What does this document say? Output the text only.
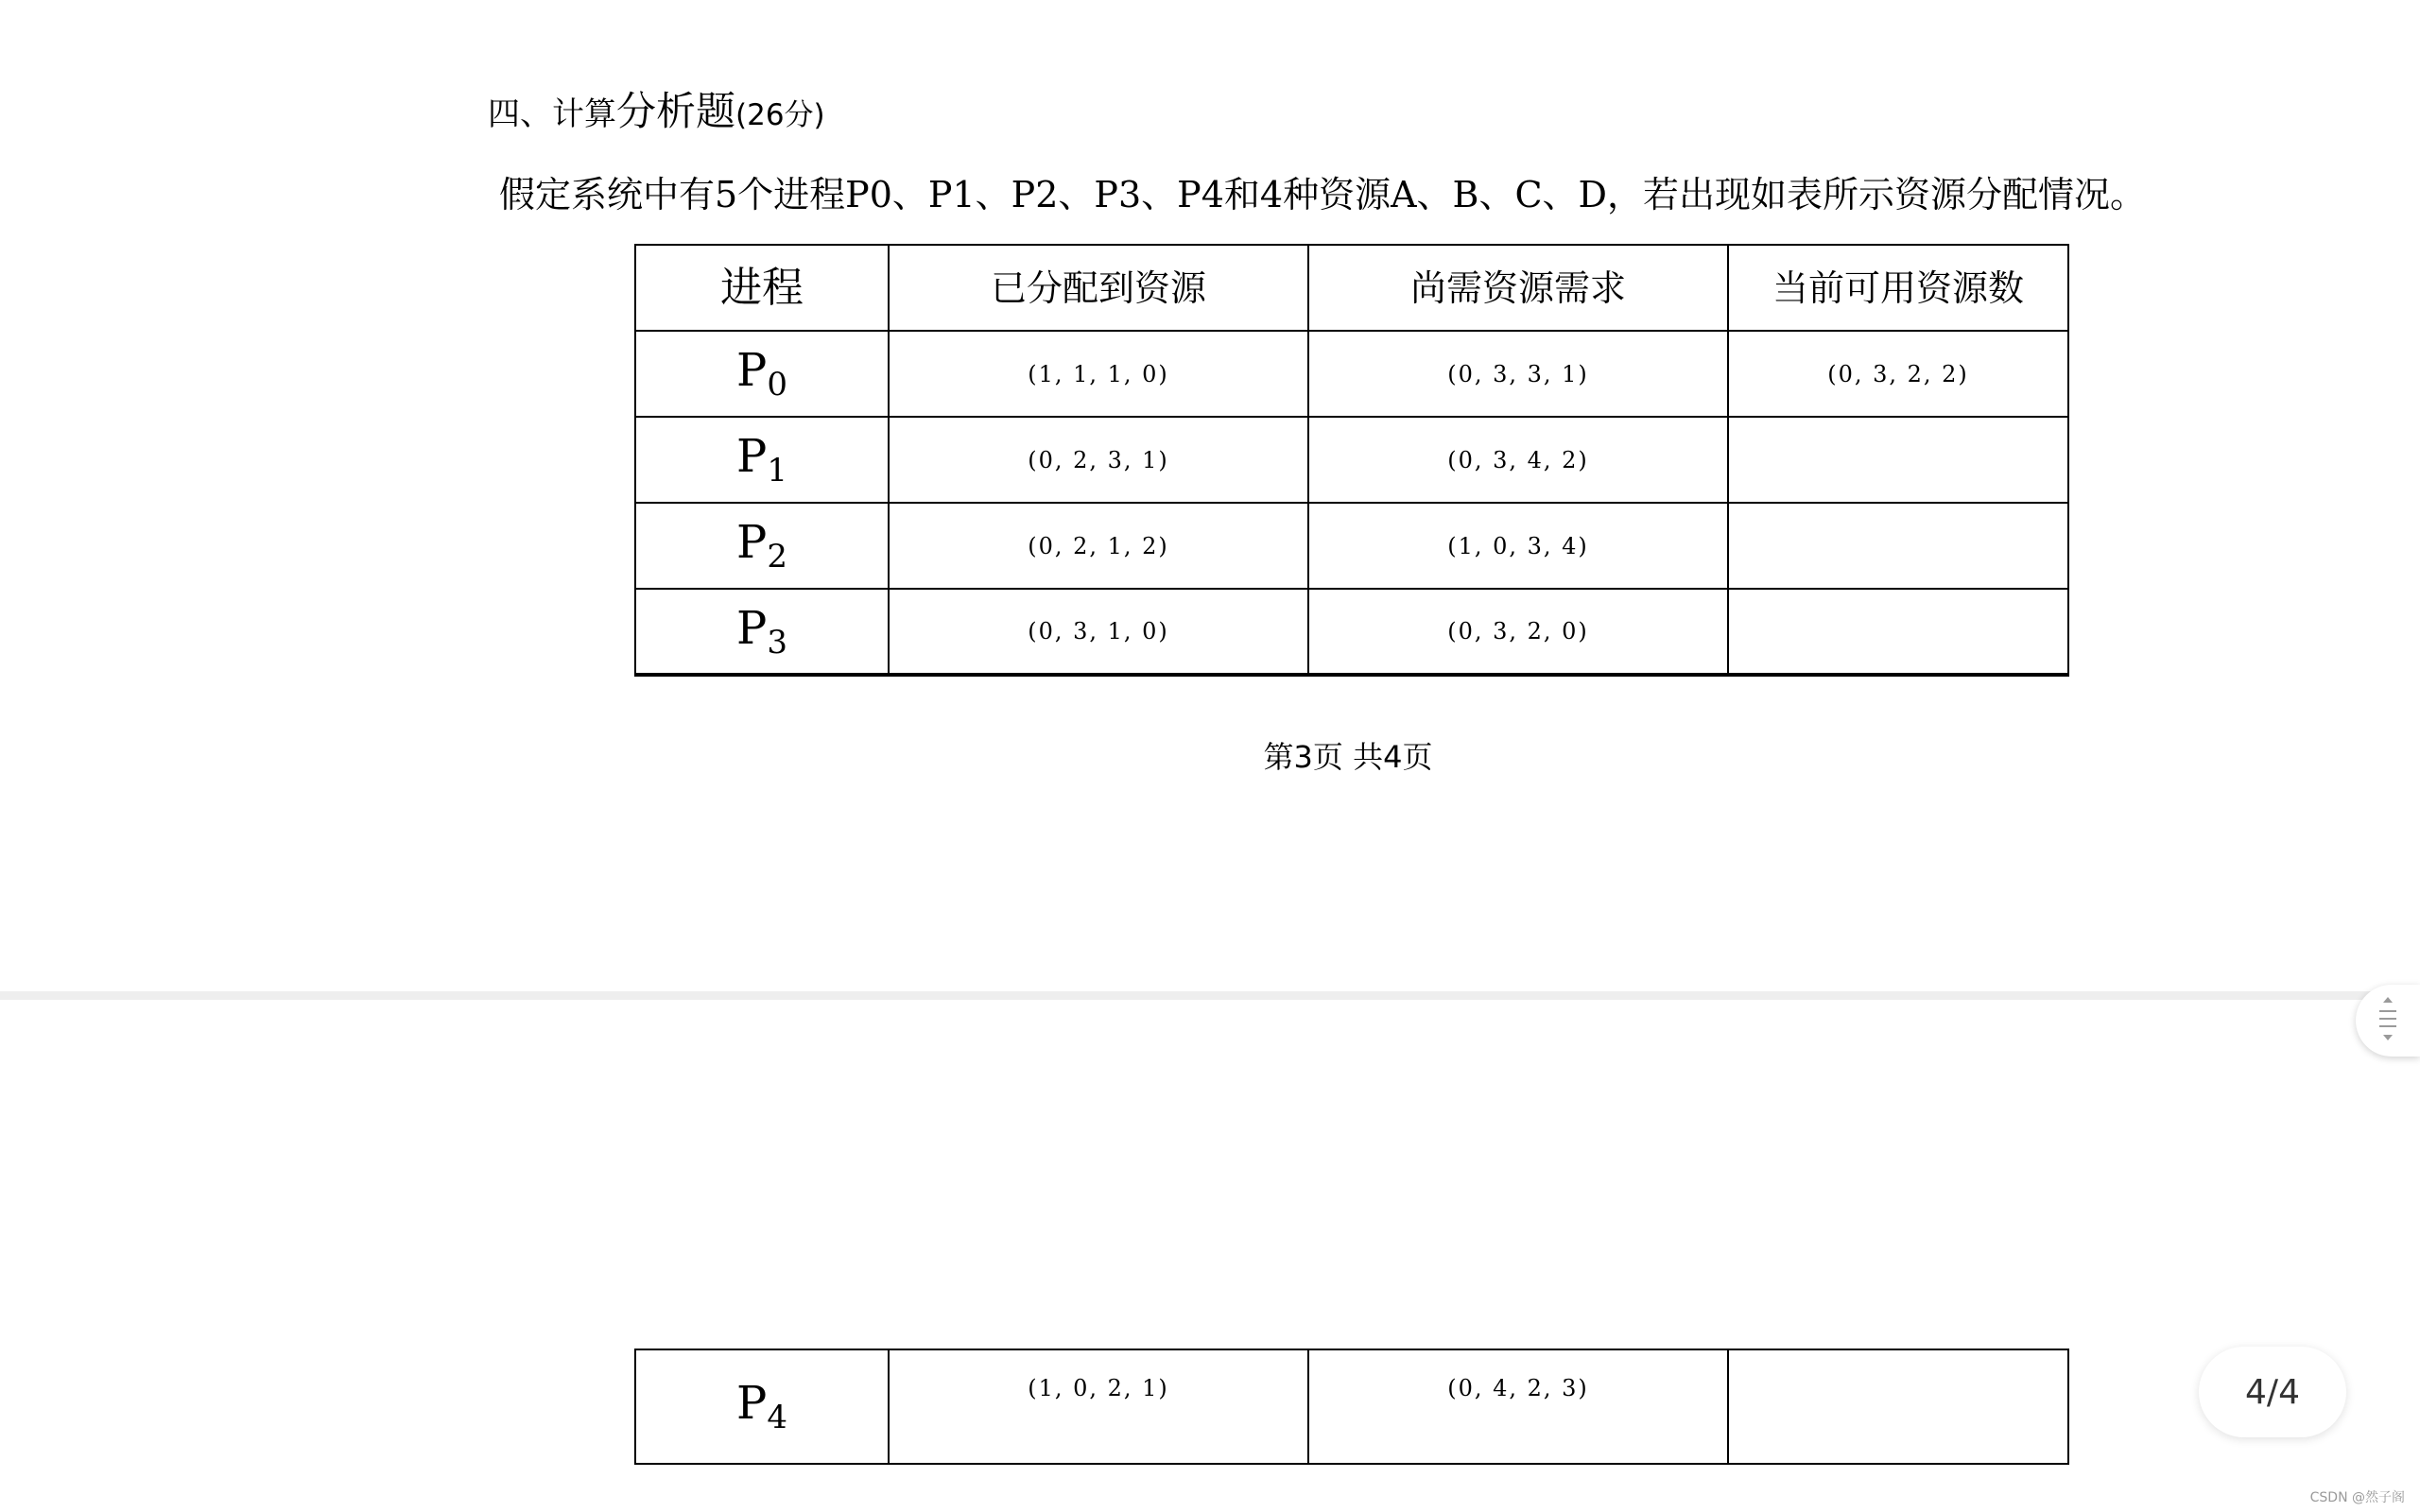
四、计算分析题(26分)
假定系统中有5个进程P0、P1、P2、P3、P4和4种资源A、B、C、D，若出现如表所示资源分配情况。
进程	已分配到资源	尚需资源需求	当前可用资源数
$P_0$	(1, 1, 1, 0)	(0, 3, 3, 1)	(0, 3, 2, 2)
$P_1$	(0, 2, 3, 1)	(0, 3, 4, 2)	
$P_2$	(0, 2, 1, 2)	(1, 0, 3, 4)	
$P_3$	(0, 3, 1, 0)	(0, 3, 2, 0)	
第3页 共4页
$P_4$	(1, 0, 2, 1)	(0, 4, 2, 3)		4/4
CSDN @然子阁
